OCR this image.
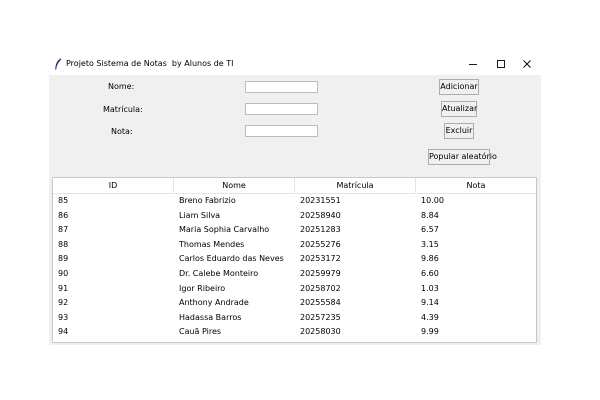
Projeto Sistema de Notas  by Alunos de TI
Nome:
Matrícula:
Nota:
Adicionar
Atualizar
Excluir
Popular aleatório
ID	Nome	Matrícula	Nota
85	Breno Fabrizio	20231551	10.00
86	Liam Silva	20258940	8.84
87	Maria Sophia Carvalho	20251283	6.57
88	Thomas Mendes	20255276	3.15
89	Carlos Eduardo das Neves 20253172	9.86
90	Dr. Calebe Monteiro	20259979	6.60
91	Igor Ribeiro	20258702	1.03
92	Anthony Andrade	20255584	9.14
93	Hadassa Barros	20257235	4.39
94	Cauã Pires	20258030	9.99
